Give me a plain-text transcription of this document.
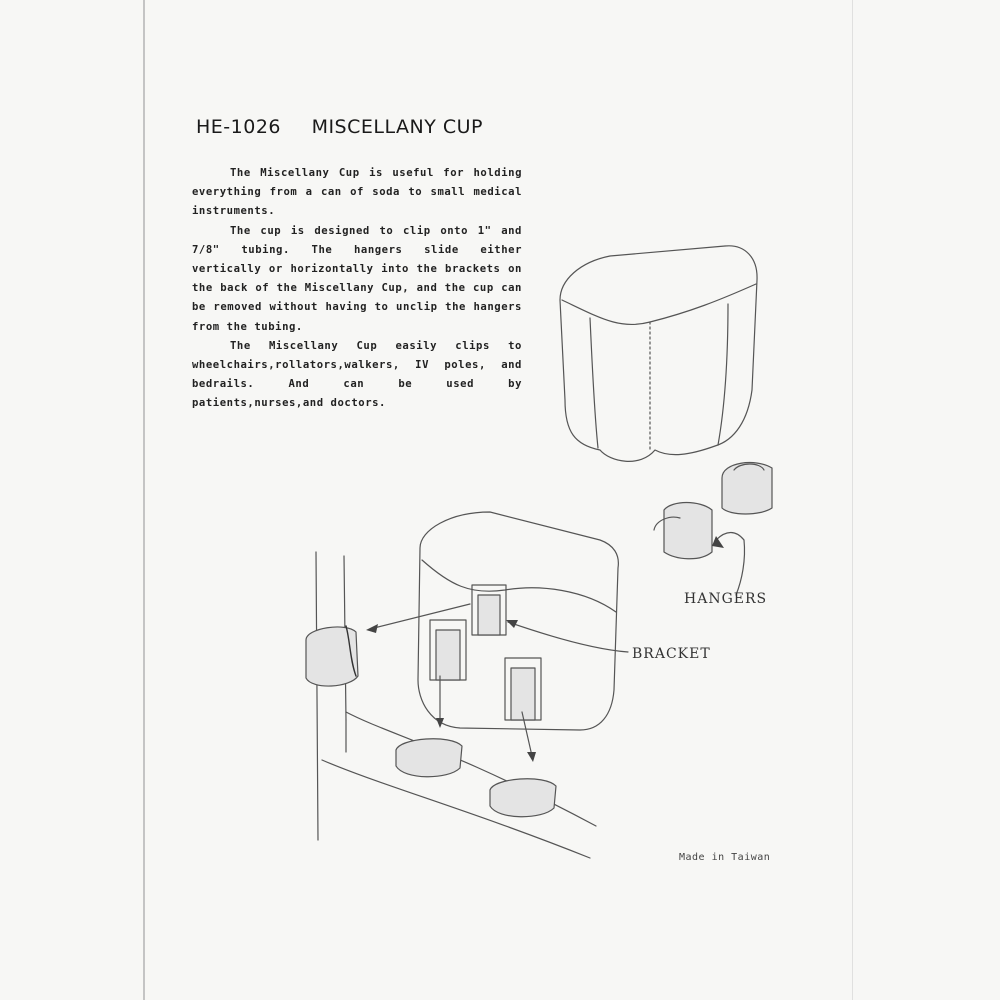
HE-1026 MISCELLANY CUP

The Miscellany Cup is useful for holding everything from a can of soda to small medical instruments.

The cup is designed to clip onto 1" and 7/8" tubing. The hangers slide either vertically or horizontally into the brackets on the back of the Miscellany Cup, and the cup can be removed without having to unclip the hangers from the tubing.

The Miscellany Cup easily clips to wheelchairs,rollators,walkers, IV poles, and bedrails. And can be used by patients,nurses,and doctors.

HANGERS
BRACKET
Made in Taiwan
